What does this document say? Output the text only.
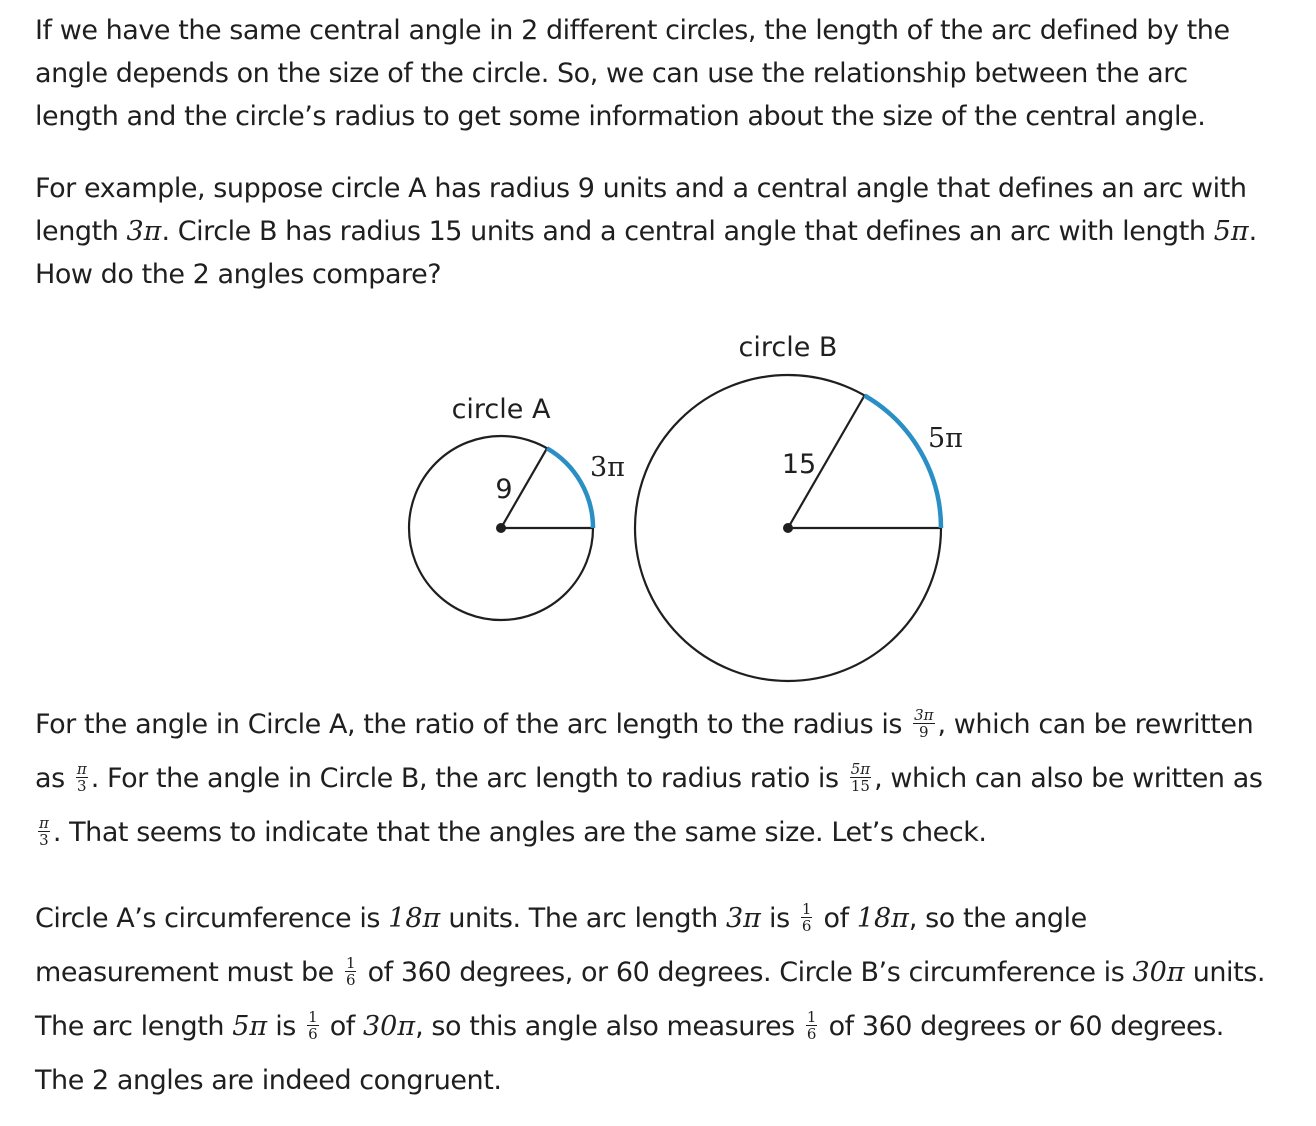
If we have the same central angle in 2 different circles, the length of the arc defined by the angle depends on the size of the circle. So, we can use the relationship between the arc length and the circle’s radius to get some information about the size of the central angle.

For example, suppose circle A has radius 9 units and a central angle that defines an arc with length 3π. Circle B has radius 15 units and a central angle that defines an arc with length 5π. How do the 2 angles compare?

circle A
9
3π
circle B
15
5π

For the angle in Circle A, the ratio of the arc length to the radius is $\frac{3\pi}{9}$ , which can be rewritten as $\frac{\pi}{3}$ . For the angle in Circle B, the arc length to radius ratio is $\frac{5\pi}{15}$ , which can also be written as
$\frac{\pi}{3}$ . That seems to indicate that the angles are the same size. Let’s check.

Circle A’s circumference is 18π units. The arc length 3π is $\frac{1}{6}$ of 18π, so the angle measurement must be $\frac{1}{6}$ of 360 degrees, or 60 degrees. Circle B’s circumference is 30π units. The arc length 5π is $\frac{1}{6}$ of 30π, so this angle also measures $\frac{1}{6}$ of 360 degrees or 60 degrees. The 2 angles are indeed congruent.
